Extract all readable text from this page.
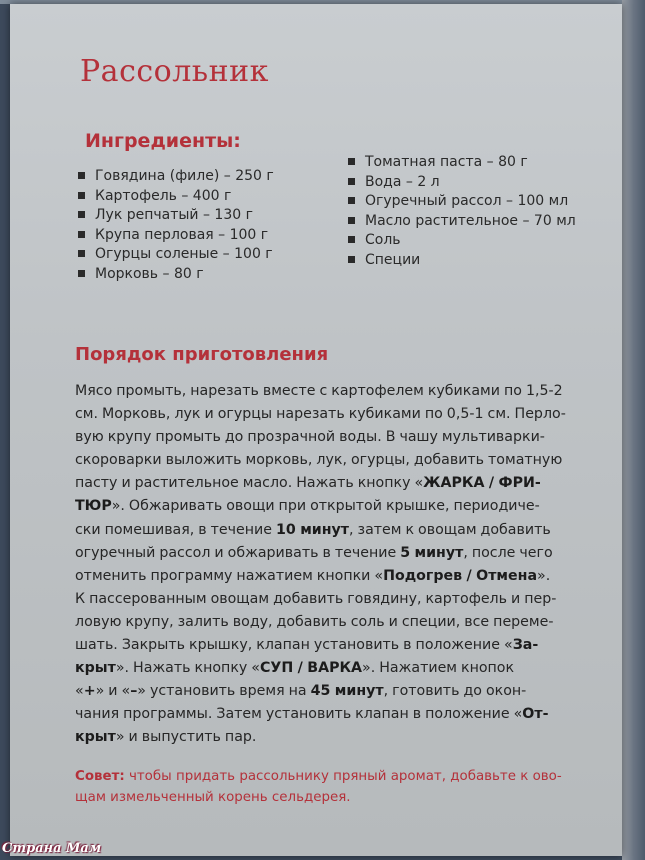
Рассольник
Ингредиенты:
Говядина (филе) – 250 г
Картофель – 400 г
Лук репчатый – 130 г
Крупа перловая – 100 г
Огурцы соленые – 100 г
Морковь – 80 г
Томатная паста – 80 г
Вода – 2 л
Огуречный рассол – 100 мл
Масло растительное – 70 мл
Соль
Специи
Порядок приготовления
Мясо промыть, нарезать вместе с картофелем кубиками по 1,5-2
см. Морковь, лук и огурцы нарезать кубиками по 0,5-1 см. Перло-
вую крупу промыть до прозрачной воды. В чашу мультиварки-
скороварки выложить морковь, лук, огурцы, добавить томатную
пасту и растительное масло. Нажать кнопку «ЖАРКА / ФРИ-
ТЮР». Обжаривать овощи при открытой крышке, периодиче-
ски помешивая, в течение 10 минут, затем к овощам добавить
огуречный рассол и обжаривать в течение 5 минут, после чего
отменить программу нажатием кнопки «Подогрев / Отмена».
К пассерованным овощам добавить говядину, картофель и пер-
ловую крупу, залить воду, добавить соль и специи, все переме-
шать. Закрыть крышку, клапан установить в положение «За-
крыт». Нажать кнопку «СУП / ВАРКА». Нажатием кнопок
«+» и «–» установить время на 45 минут, готовить до окон-
чания программы. Затем установить клапан в положение «От-
крыт» и выпустить пар.
Совет: чтобы придать рассольнику пряный аромат, добавьте к ово-
щам измельченный корень сельдерея.
Страна Мам
